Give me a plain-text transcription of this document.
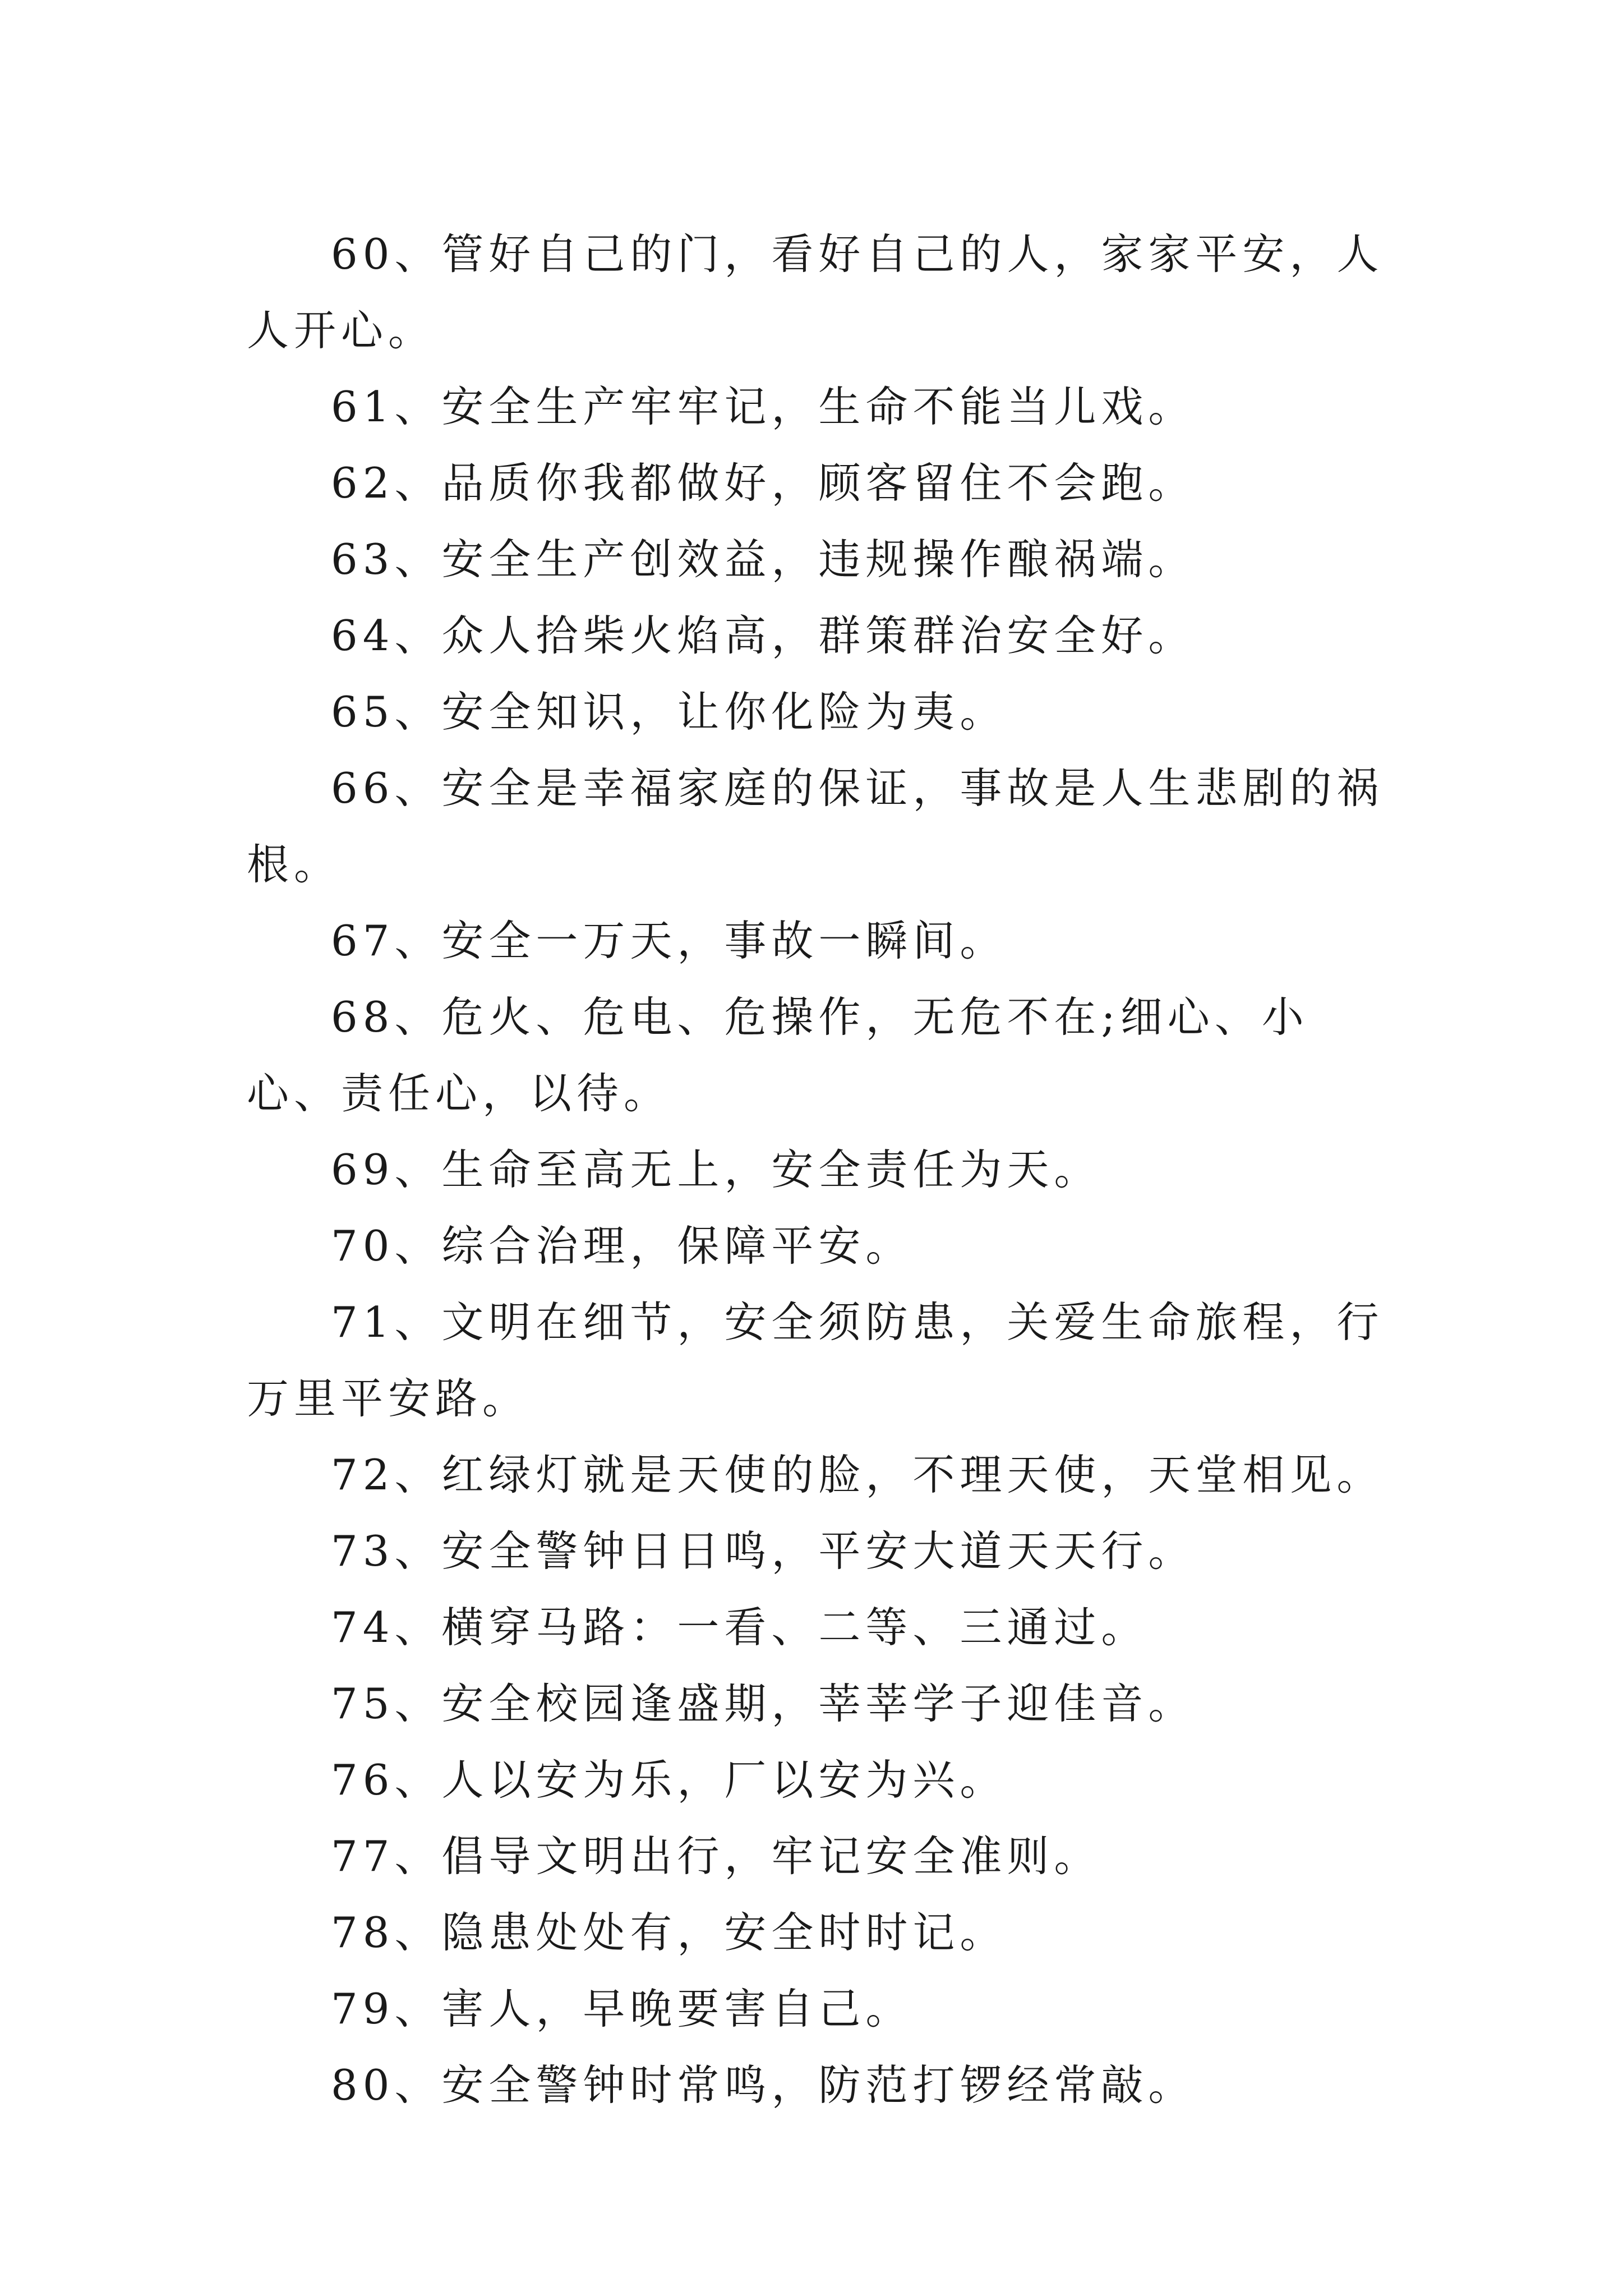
60、管好自己的门，看好自己的人，家家平安，人人开心。

61、安全生产牢牢记，生命不能当儿戏。

62、品质你我都做好，顾客留住不会跑。

63、安全生产创效益，违规操作酿祸端。

64、众人拾柴火焰高，群策群治安全好。

65、安全知识，让你化险为夷。

66、安全是幸福家庭的保证，事故是人生悲剧的祸根。

67、安全一万天，事故一瞬间。

68、危火、危电、危操作，无危不在;细心、小心、责任心，以待。

69、生命至高无上，安全责任为天。

70、综合治理，保障平安。

71、文明在细节，安全须防患，关爱生命旅程，行万里平安路。

72、红绿灯就是天使的脸，不理天使，天堂相见。

73、安全警钟日日鸣，平安大道天天行。

74、横穿马路：一看、二等、三通过。

75、安全校园逢盛期，莘莘学子迎佳音。

76、人以安为乐，厂以安为兴。

77、倡导文明出行，牢记安全准则。

78、隐患处处有，安全时时记。

79、害人，早晚要害自己。

80、安全警钟时常鸣，防范打锣经常敲。
